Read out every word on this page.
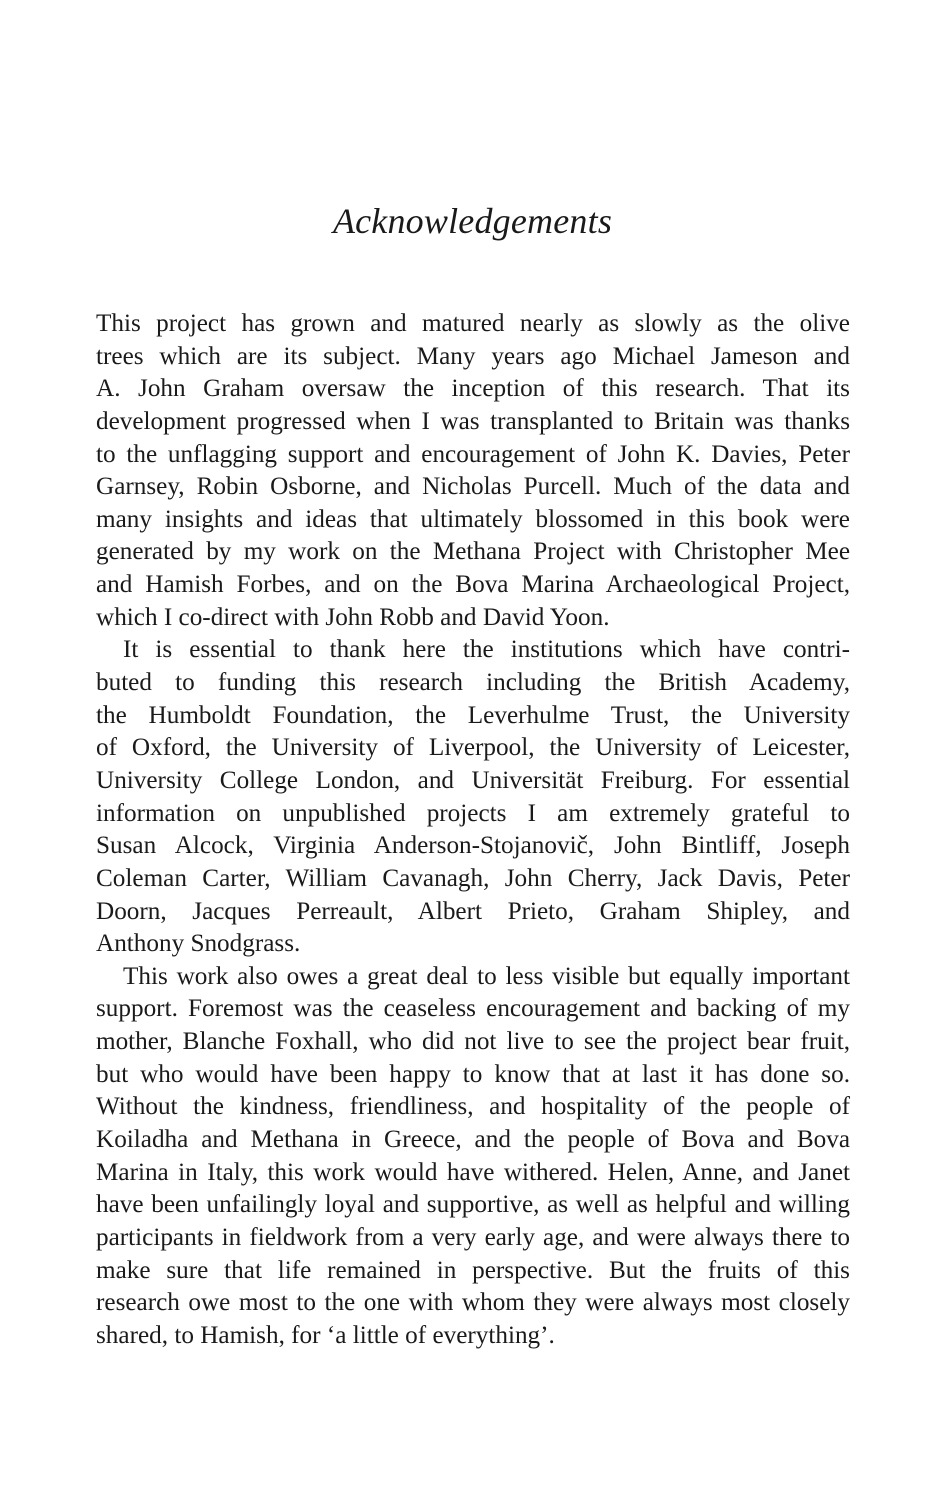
Acknowledgements
This project has grown and matured nearly as slowly as the olive
trees which are its subject. Many years ago Michael Jameson and
A. John Graham oversaw the inception of this research. That its
development progressed when I was transplanted to Britain was thanks
to the unflagging support and encouragement of John K. Davies, Peter
Garnsey, Robin Osborne, and Nicholas Purcell. Much of the data and
many insights and ideas that ultimately blossomed in this book were
generated by my work on the Methana Project with Christopher Mee
and Hamish Forbes, and on the Bova Marina Archaeological Project,
which I co-direct with John Robb and David Yoon.
It is essential to thank here the institutions which have contri-
buted to funding this research including the British Academy,
the Humboldt Foundation, the Leverhulme Trust, the University
of Oxford, the University of Liverpool, the University of Leicester,
University College London, and Universität Freiburg. For essential
information on unpublished projects I am extremely grateful to
Susan Alcock, Virginia Anderson-Stojanovič, John Bintliff, Joseph
Coleman Carter, William Cavanagh, John Cherry, Jack Davis, Peter
Doorn, Jacques Perreault, Albert Prieto, Graham Shipley, and
Anthony Snodgrass.
This work also owes a great deal to less visible but equally important
support. Foremost was the ceaseless encouragement and backing of my
mother, Blanche Foxhall, who did not live to see the project bear fruit,
but who would have been happy to know that at last it has done so.
Without the kindness, friendliness, and hospitality of the people of
Koiladha and Methana in Greece, and the people of Bova and Bova
Marina in Italy, this work would have withered. Helen, Anne, and Janet
have been unfailingly loyal and supportive, as well as helpful and willing
participants in fieldwork from a very early age, and were always there to
make sure that life remained in perspective. But the fruits of this
research owe most to the one with whom they were always most closely
shared, to Hamish, for ‘a little of everything’.
